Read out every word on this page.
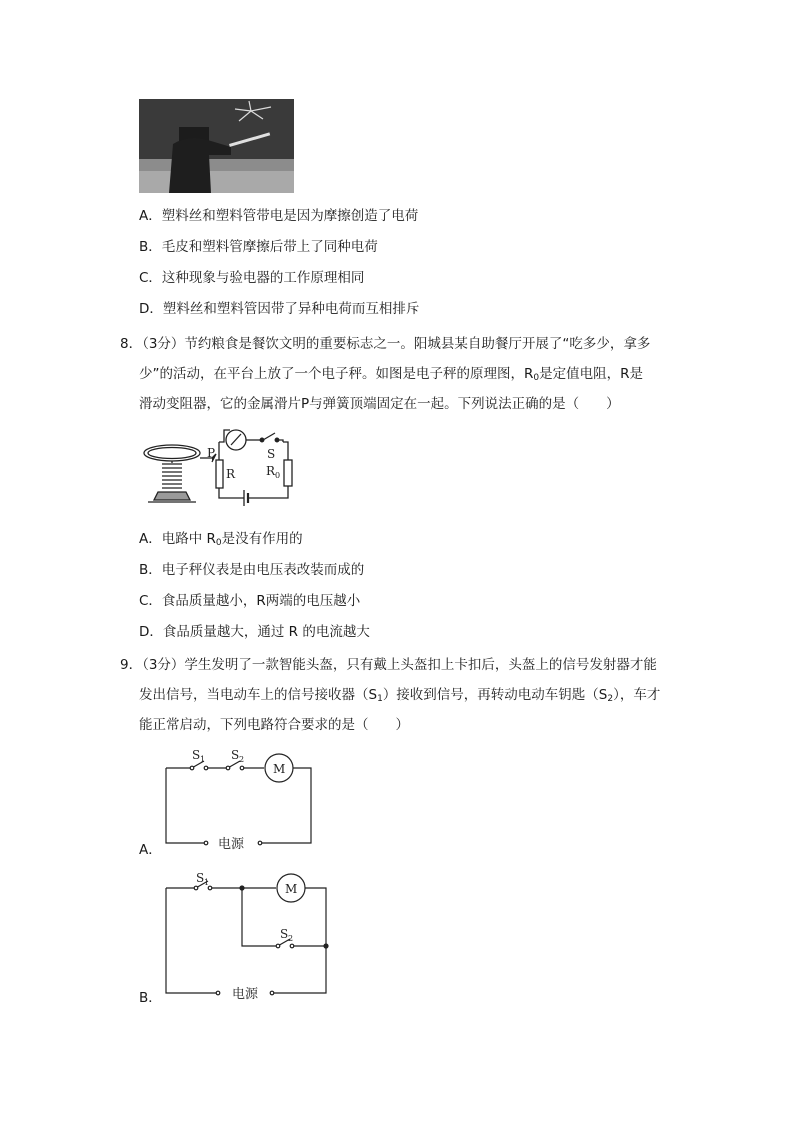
A．塑料丝和塑料管带电是因为摩擦创造了电荷
B．毛皮和塑料管摩擦后带上了同种电荷
C．这种现象与验电器的工作原理相同
D．塑料丝和塑料管因带了异种电荷而互相排斥
8．（3分）节约粮食是餐饮文明的重要标志之一。阳城县某自助餐厅开展了“吃多少，拿多
少”的活动，在平台上放了一个电子秤。如图是电子秤的原理图，$R_0$是定值电阻，R是
滑动变阻器，它的金属滑片P与弹簧顶端固定在一起。下列说法正确的是（　　）
P
R
S
R 0
A．电路中 $R_0$是没有作用的
B．电子秤仪表是由电压表改装而成的
C．食品质量越小，R两端的电压越小
D．食品质量越大，通过 R 的电流越大
9．（3分）学生发明了一款智能头盔，只有戴上头盔扣上卡扣后，头盔上的信号发射器才能
发出信号，当电动车上的信号接收器$(S_1)$接收到信号，再转动电动车钥匙$(S_2)$，车才
能正常启动，下列电路符合要求的是（　　）
S 1 S 2
M
电源
A．
S 1
S 2
M
电源
B．
